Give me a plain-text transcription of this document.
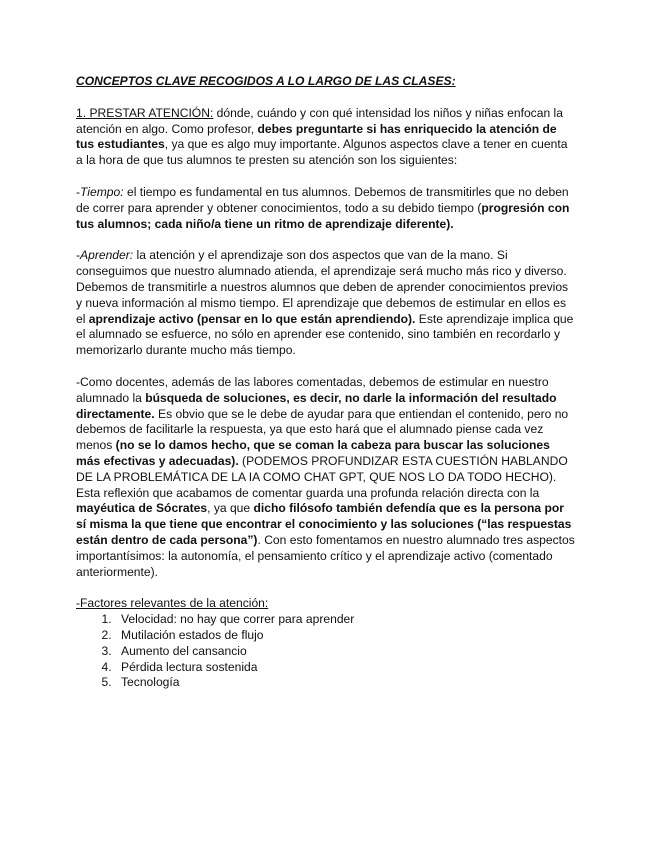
CONCEPTOS CLAVE RECOGIDOS A LO LARGO DE LAS CLASES:

1. PRESTAR ATENCIÓN: dónde, cuándo y con qué intensidad los niños y niñas enfocan la atención en algo. Como profesor, debes preguntarte si has enriquecido la atención de tus estudiantes, ya que es algo muy importante. Algunos aspectos clave a tener en cuenta a la hora de que tus alumnos te presten su atención son los siguientes:

-Tiempo: el tiempo es fundamental en tus alumnos. Debemos de transmitirles que no deben de correr para aprender y obtener conocimientos, todo a su debido tiempo (progresión con tus alumnos; cada niño/a tiene un ritmo de aprendizaje diferente).

-Aprender: la atención y el aprendizaje son dos aspectos que van de la mano. Si conseguimos que nuestro alumnado atienda, el aprendizaje será mucho más rico y diverso. Debemos de transmitirle a nuestros alumnos que deben de aprender conocimientos previos y nueva información al mismo tiempo. El aprendizaje que debemos de estimular en ellos es el aprendizaje activo (pensar en lo que están aprendiendo). Este aprendizaje implica que el alumnado se esfuerce, no sólo en aprender ese contenido, sino también en recordarlo y memorizarlo durante mucho más tiempo.

-Como docentes, además de las labores comentadas, debemos de estimular en nuestro alumnado la búsqueda de soluciones, es decir, no darle la información del resultado directamente. Es obvio que se le debe de ayudar para que entiendan el contenido, pero no debemos de facilitarle la respuesta, ya que esto hará que el alumnado piense cada vez menos (no se lo damos hecho, que se coman la cabeza para buscar las soluciones más efectivas y adecuadas). (PODEMOS PROFUNDIZAR ESTA CUESTIÓN HABLANDO DE LA PROBLEMÁTICA DE LA IA COMO CHAT GPT, QUE NOS LO DA TODO HECHO).

Esta reflexión que acabamos de comentar guarda una profunda relación directa con la mayéutica de Sócrates, ya que dicho filósofo también defendía que es la persona por sí misma la que tiene que encontrar el conocimiento y las soluciones (“las respuestas están dentro de cada persona”). Con esto fomentamos en nuestro alumnado tres aspectos importantísimos: la autonomía, el pensamiento crítico y el aprendizaje activo (comentado anteriormente).

-Factores relevantes de la atención:

1. Velocidad: no hay que correr para aprender
2. Mutilación estados de flujo
3. Aumento del cansancio
4. Pérdida lectura sostenida
5. Tecnología
